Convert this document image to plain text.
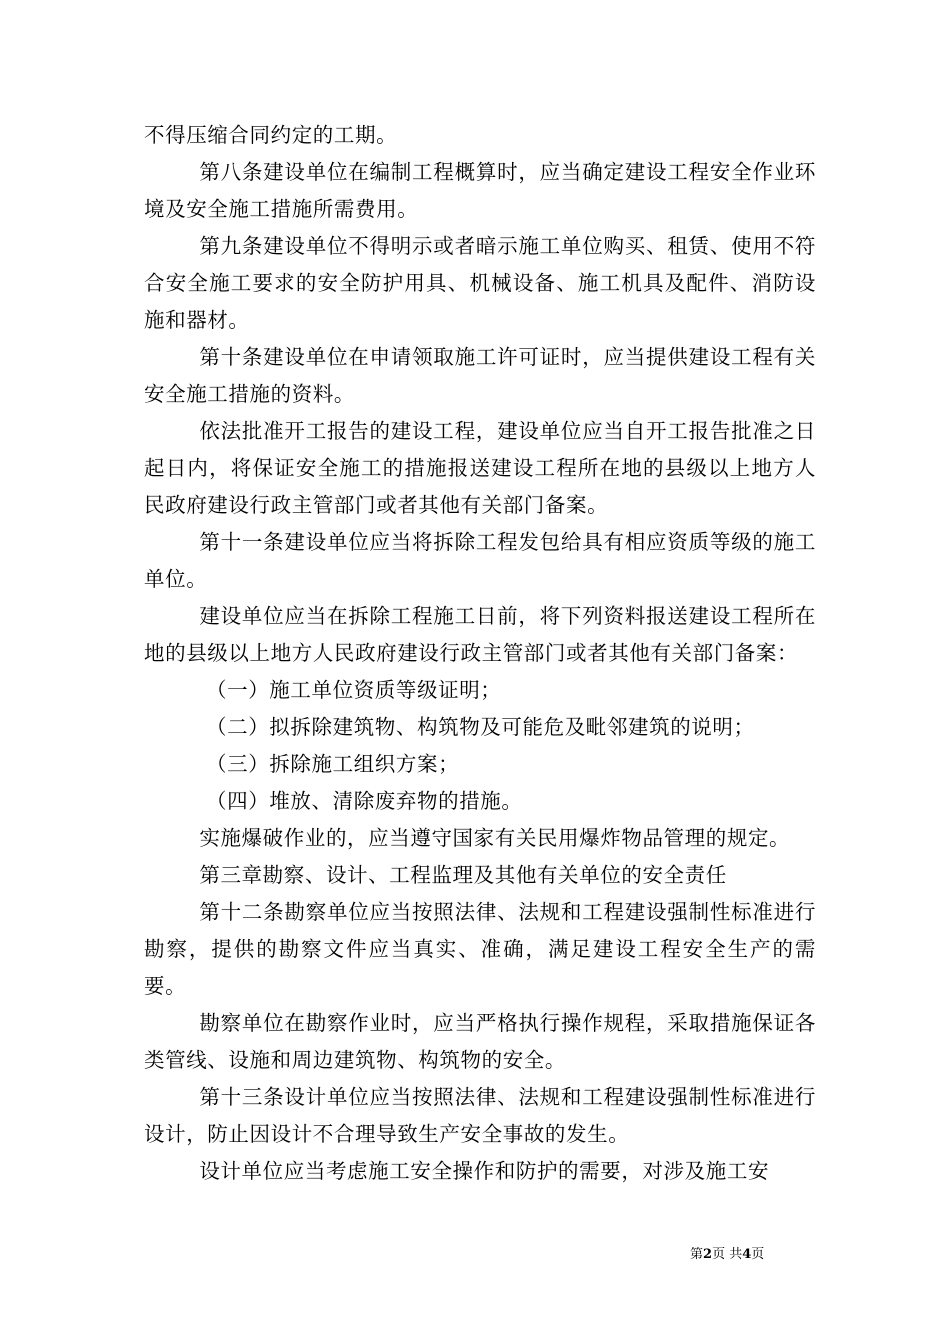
不得压缩合同约定的工期。

第八条建设单位在编制工程概算时，应当确定建设工程安全作业环境及安全施工措施所需费用。

第九条建设单位不得明示或者暗示施工单位购买、租赁、使用不符合安全施工要求的安全防护用具、机械设备、施工机具及配件、消防设施和器材。

第十条建设单位在申请领取施工许可证时，应当提供建设工程有关安全施工措施的资料。

依法批准开工报告的建设工程，建设单位应当自开工报告批准之日起日内，将保证安全施工的措施报送建设工程所在地的县级以上地方人民政府建设行政主管部门或者其他有关部门备案。

第十一条建设单位应当将拆除工程发包给具有相应资质等级的施工单位。

建设单位应当在拆除工程施工日前，将下列资料报送建设工程所在地的县级以上地方人民政府建设行政主管部门或者其他有关部门备案：

（一）施工单位资质等级证明；

（二）拟拆除建筑物、构筑物及可能危及毗邻建筑的说明；

（三）拆除施工组织方案；

（四）堆放、清除废弃物的措施。

实施爆破作业的，应当遵守国家有关民用爆炸物品管理的规定。

第三章勘察、设计、工程监理及其他有关单位的安全责任

第十二条勘察单位应当按照法律、法规和工程建设强制性标准进行勘察，提供的勘察文件应当真实、准确，满足建设工程安全生产的需要。

勘察单位在勘察作业时，应当严格执行操作规程，采取措施保证各类管线、设施和周边建筑物、构筑物的安全。

第十三条设计单位应当按照法律、法规和工程建设强制性标准进行设计，防止因设计不合理导致生产安全事故的发生。

设计单位应当考虑施工安全操作和防护的需要，对涉及施工安

第2页 共4页
